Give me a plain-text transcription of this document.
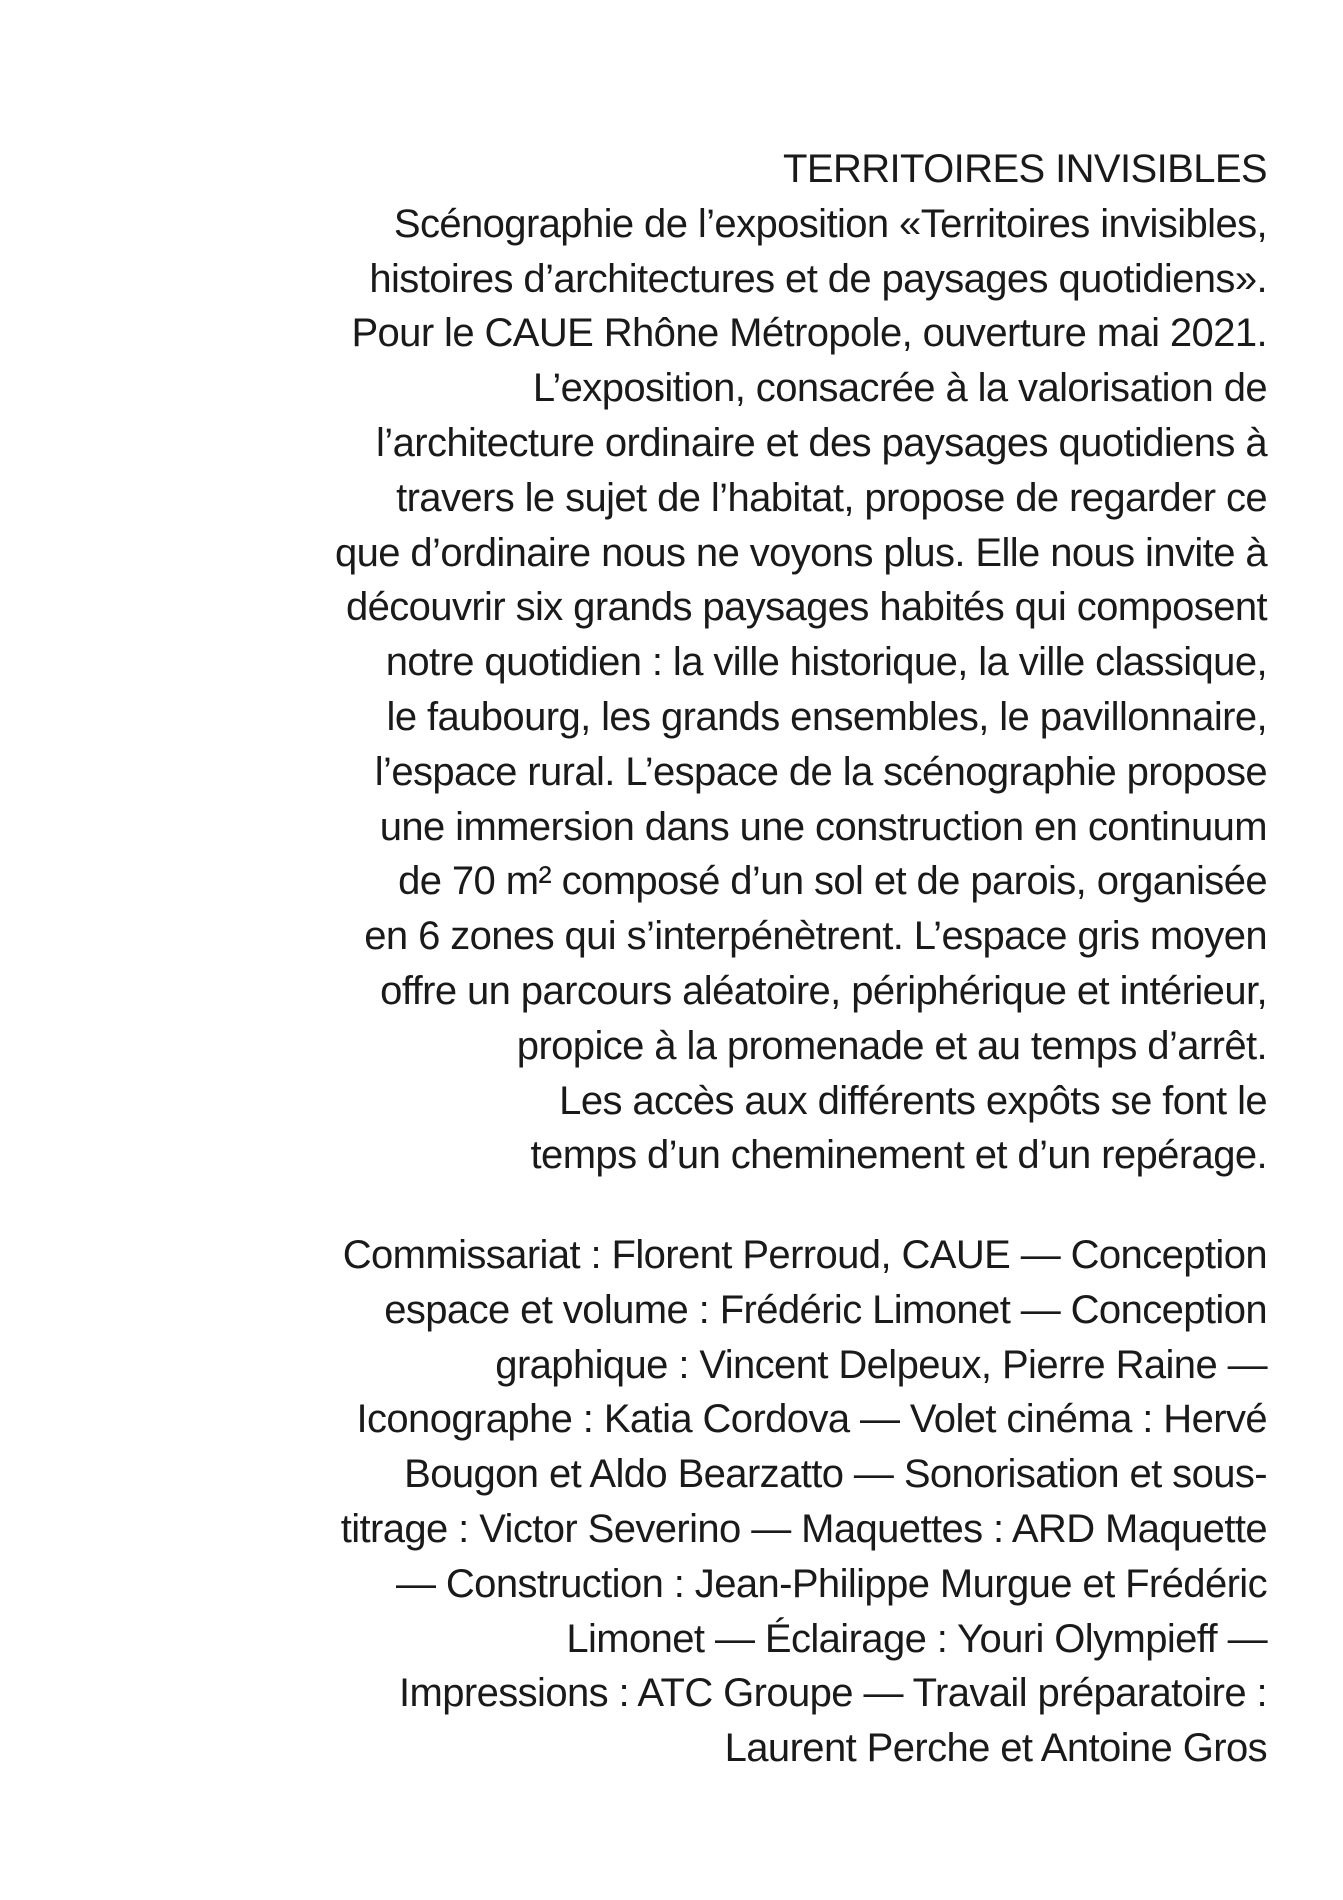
TERRITOIRES INVISIBLES
Scénographie de l’exposition «Territoires invisibles,
histoires d’architectures et de paysages quotidiens».
Pour le CAUE Rhône Métropole, ouverture mai 2021.
L’exposition, consacrée à la valorisation de
l’architecture ordinaire et des paysages quotidiens à
travers le sujet de l’habitat, propose de regarder ce
que d’ordinaire nous ne voyons plus. Elle nous invite à
découvrir six grands paysages habités qui composent
notre quotidien : la ville historique, la ville classique,
le faubourg, les grands ensembles, le pavillonnaire,
l’espace rural. L’espace de la scénographie propose
une immersion dans une construction en continuum
de 70 m² composé d’un sol et de parois, organisée
en 6 zones qui s’interpénètrent. L’espace gris moyen
offre un parcours aléatoire, périphérique et intérieur,
propice à la promenade et au temps d’arrêt.
Les accès aux différents expôts se font le
temps d’un cheminement et d’un repérage.
Commissariat : Florent Perroud, CAUE — Conception
espace et volume : Frédéric Limonet — Conception
graphique : Vincent Delpeux, Pierre Raine —
Iconographe : Katia Cordova — Volet cinéma : Hervé
Bougon et Aldo Bearzatto — Sonorisation et sous-
titrage : Victor Severino — Maquettes : ARD Maquette
— Construction : Jean-Philippe Murgue et Frédéric
Limonet — Éclairage : Youri Olympieff —
Impressions : ATC Groupe — Travail préparatoire :
Laurent Perche et Antoine Gros
